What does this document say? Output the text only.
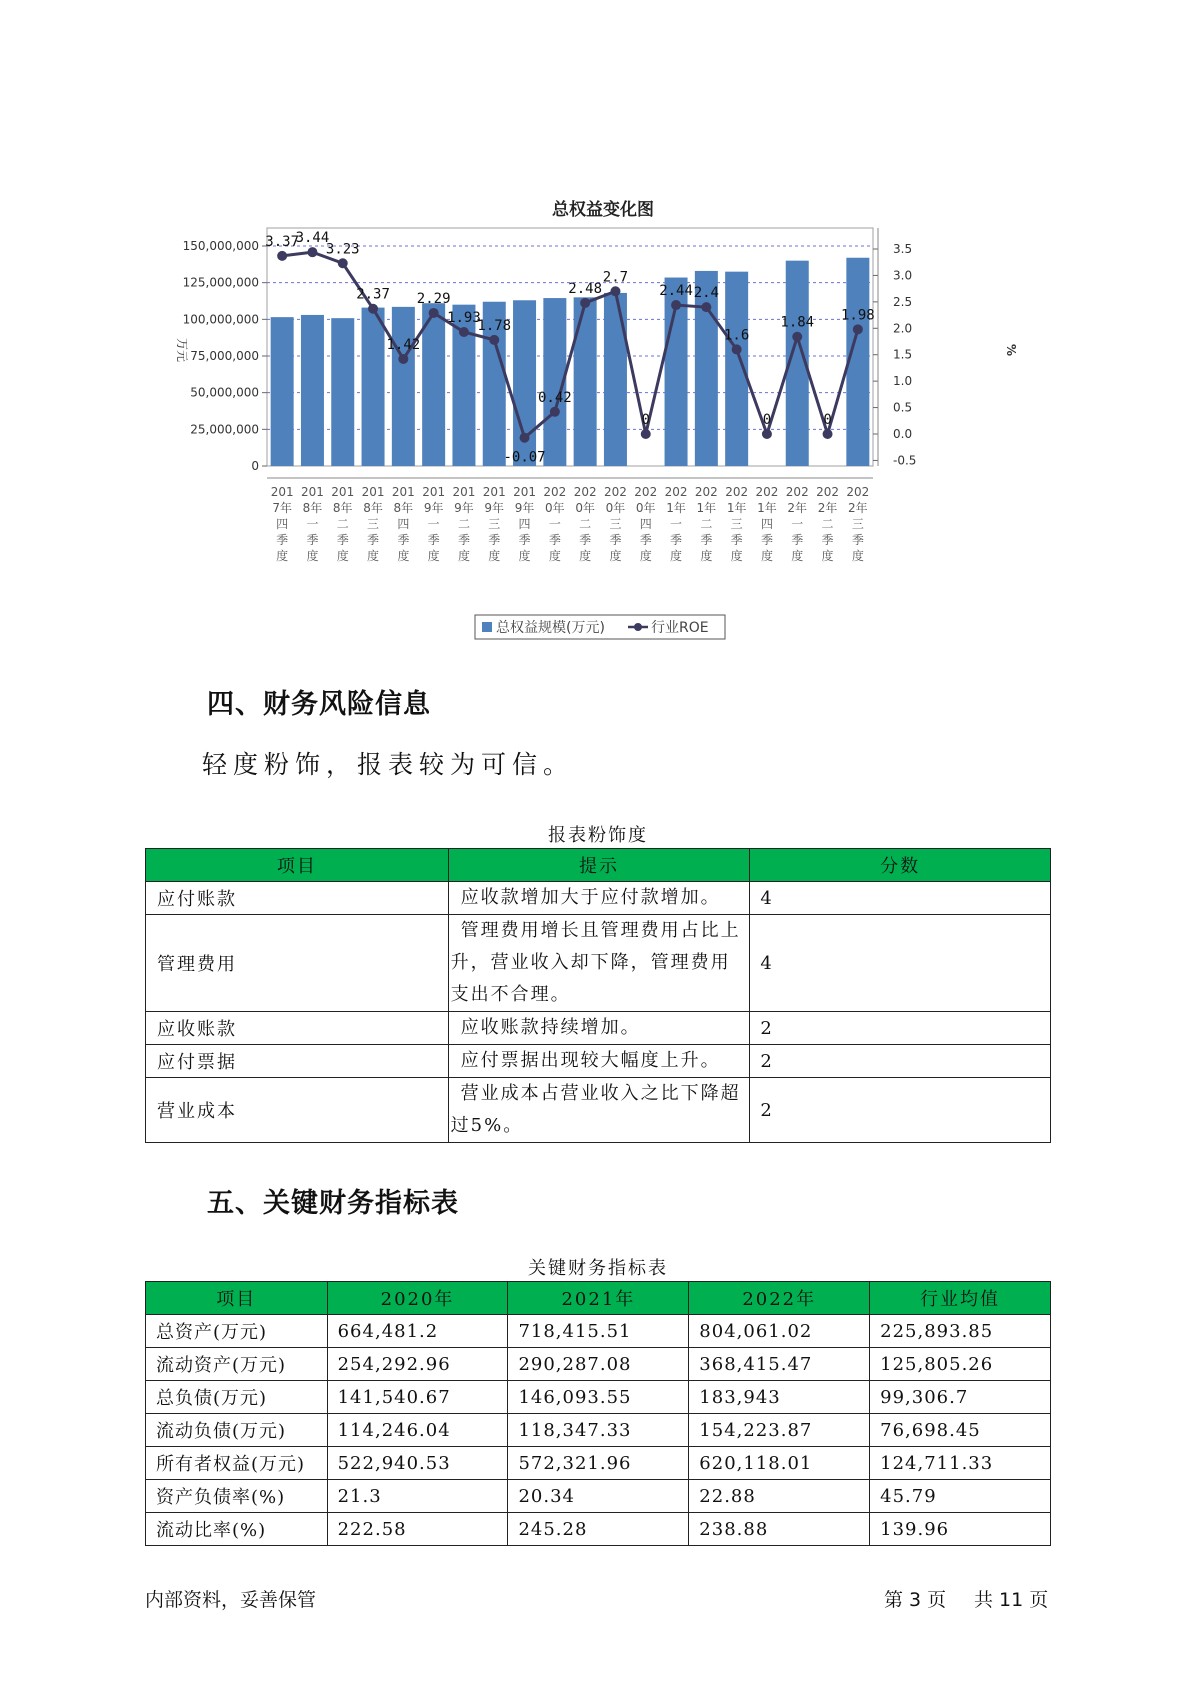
总权益变化图
0
25,000,000
50,000,000
75,000,000
100,000,000
125,000,000
150,000,000
-0.5
0.0
0.5
1.0
1.5
2.0
2.5
3.0
3.5
万元	%
3.37
3.44
3.23
2.37
1.42
2.29
1.93
1.78
-0.07
0.42
2.48
2.7
0
2.44 2.4
1.6
0
1.84
0
1.98
201 7年四季度
201 8年一季度
201 8年二季度
201 8年三季度
201 8年四季度
201 9年一季度
201 9年二季度
201 9年三季度
201 9年四季度
202 0年一季度
202 0年二季度
202 0年三季度
202 0年四季度
202 1年一季度
202 1年二季度
202 1年三季度
202 1年四季度
202 2年一季度
202 2年二季度
202 2年三季度
总权益规模(万元)	行业ROE
四、财务风险信息
轻度粉饰，报表较为可信。
报表粉饰度
项目	提示	分数
应付账款	应收款增加大于应付款增加。	4
管理费用	管理费用增长且管理费用占比上升，营业收入却下降，管理费用支出不合理。	4
应收账款	应收账款持续增加。	2
应付票据	应付票据出现较大幅度上升。	2
营业成本	营业成本占营业收入之比下降超过5%。	2
五、关键财务指标表
关键财务指标表
项目	2020年	2021年	2022年	行业均值
总资产(万元)	664,481.2	718,415.51	804,061.02	225,893.85
流动资产(万元)	254,292.96	290,287.08	368,415.47	125,805.26
总负债(万元)	141,540.67	146,093.55	183,943	99,306.7
流动负债(万元)	114,246.04	118,347.33	154,223.87	76,698.45
所有者权益(万元)	522,940.53	572,321.96	620,118.01	124,711.33
资产负债率(%)	21.3	20.34	22.88	45.79
流动比率(%)	222.58	245.28	238.88	139.96
内部资料，妥善保管	第 3 页 共 11 页
